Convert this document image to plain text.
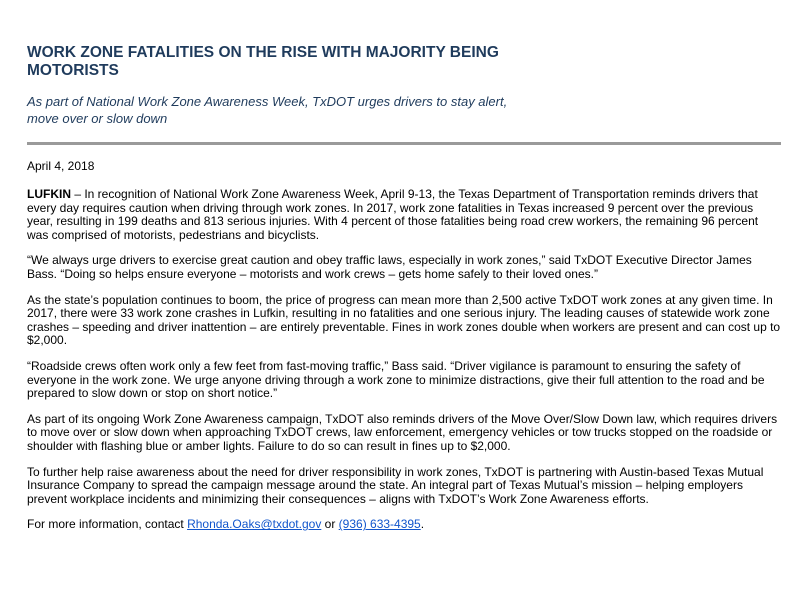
WORK ZONE FATALITIES ON THE RISE WITH MAJORITY BEING
MOTORISTS

As part of National Work Zone Awareness Week, TxDOT urges drivers to stay alert,
move over or slow down

April 4, 2018

LUFKIN – In recognition of National Work Zone Awareness Week, April 9-13, the Texas Department of Transportation reminds drivers that every day requires caution when driving through work zones. In 2017, work zone fatalities in Texas increased 9 percent over the previous year, resulting in 199 deaths and 813 serious injuries. With 4 percent of those fatalities being road crew workers, the remaining 96 percent was comprised of motorists, pedestrians and bicyclists.

“We always urge drivers to exercise great caution and obey traffic laws, especially in work zones,” said TxDOT Executive Director James Bass. “Doing so helps ensure everyone – motorists and work crews – gets home safely to their loved ones.”

As the state’s population continues to boom, the price of progress can mean more than 2,500 active TxDOT work zones at any given time. In 2017, there were 33 work zone crashes in Lufkin, resulting in no fatalities and one serious injury. The leading causes of statewide work zone crashes – speeding and driver inattention – are entirely preventable. Fines in work zones double when workers are present and can cost up to $2,000.

“Roadside crews often work only a few feet from fast-moving traffic,” Bass said. “Driver vigilance is paramount to ensuring the safety of everyone in the work zone. We urge anyone driving through a work zone to minimize distractions, give their full attention to the road and be prepared to slow down or stop on short notice.”

As part of its ongoing Work Zone Awareness campaign, TxDOT also reminds drivers of the Move Over/Slow Down law, which requires drivers to move over or slow down when approaching TxDOT crews, law enforcement, emergency vehicles or tow trucks stopped on the roadside or shoulder with flashing blue or amber lights. Failure to do so can result in fines up to $2,000.

To further help raise awareness about the need for driver responsibility in work zones, TxDOT is partnering with Austin-based Texas Mutual Insurance Company to spread the campaign message around the state. An integral part of Texas Mutual’s mission – helping employers prevent workplace incidents and minimizing their consequences – aligns with TxDOT’s Work Zone Awareness efforts.

For more information, contact Rhonda.Oaks@txdot.gov or (936) 633-4395.
